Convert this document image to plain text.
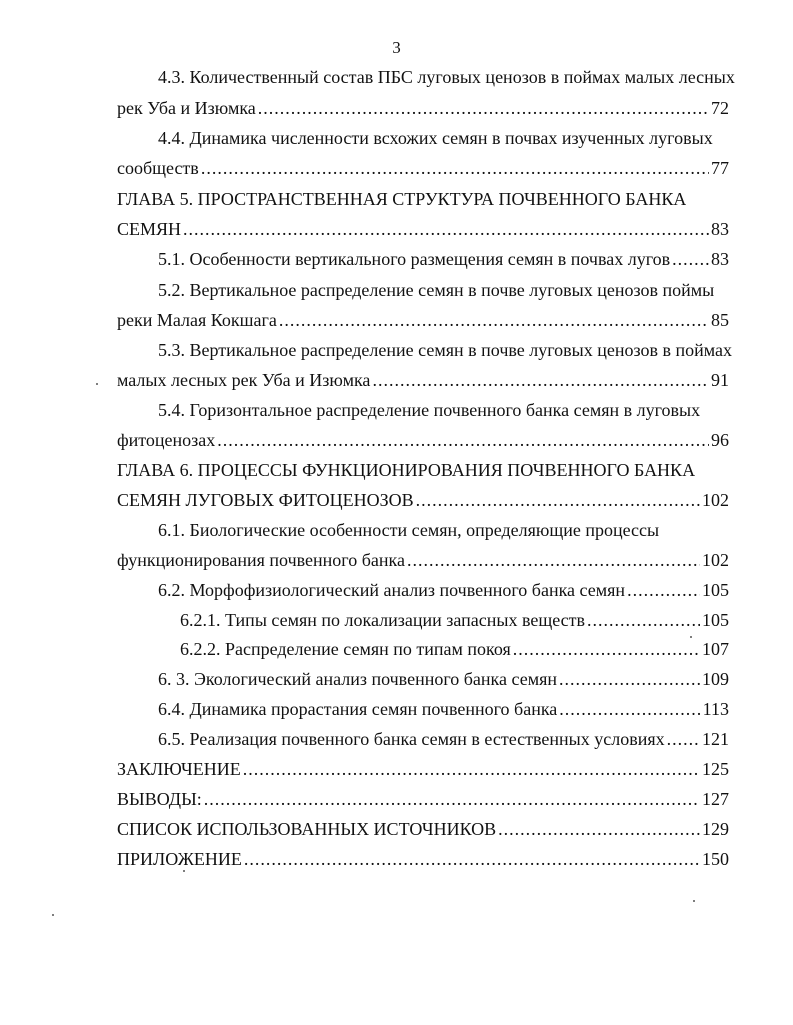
3
4.3. Количественный состав ПБС луговых ценозов в поймах малых лесных
рек Уба и Изюмка .....	72
4.4. Динамика численности всхожих семян в почвах изученных луговых
сообществ .....	77
ГЛАВА 5. ПРОСТРАНСТВЕННАЯ СТРУКТУРА ПОЧВЕННОГО БАНКА
СЕМЯН .....	83
5.1. Особенности вертикального размещения семян в почвах лугов ..... 83
5.2. Вертикальное распределение семян в почве луговых ценозов поймы
реки Малая Кокшага .....	85
5.3. Вертикальное распределение семян в почве луговых ценозов в поймах
малых лесных рек Уба и Изюмка .....	91
5.4. Горизонтальное распределение почвенного банка семян в луговых
фитоценозах .....	96
ГЛАВА 6. ПРОЦЕССЫ ФУНКЦИОНИРОВАНИЯ ПОЧВЕННОГО БАНКА
СЕМЯН ЛУГОВЫХ ФИТОЦЕНОЗОВ .....	102
6.1. Биологические особенности семян, определяющие процессы
функционирования почвенного банка .....	102
6.2. Морфофизиологический анализ почвенного банка семян .....	105
6.2.1. Типы семян по локализации запасных веществ .....	105
6.2.2. Распределение семян по типам покоя .....	107
6. 3. Экологический анализ почвенного банка семян .....	109
6.4. Динамика прорастания семян почвенного банка .....	113
6.5. Реализация почвенного банка семян в естественных условиях ..... 121
ЗАКЛЮЧЕНИЕ .....	125
ВЫВОДЫ: .....	127
СПИСОК ИСПОЛЬЗОВАННЫХ ИСТОЧНИКОВ .....	129
ПРИЛОЖЕНИЕ .....	150
